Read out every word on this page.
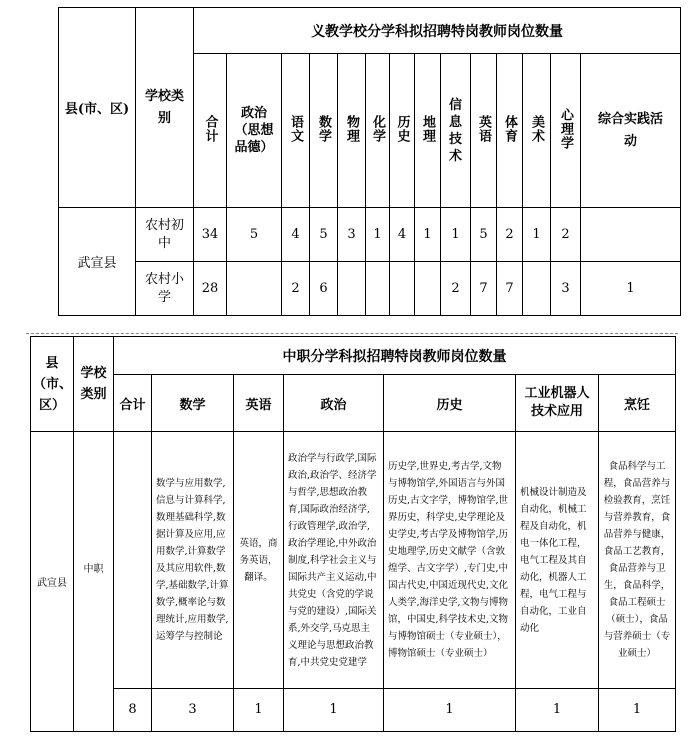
县(市、区)	学校类别	义教学校分学科拟招聘特岗教师岗位数量													
		合计	政治（思想品德）	语文	数学	物理	化学	历史	地理	信息技术	英语	体育	美术	心理学	综合实践活动
武宣县	农村初中	34	5	4	5	3	1	4	1	1	5	2	1	2	
	农村小学	28		2	6					2	7	7		3	1
县（市、区）	学校类别	中职分学科拟招聘特岗教师岗位数量						
		合计	数学	英语	政治	历史	工业机器人技术应用	烹饪
武宣县	中职		数学与应用数学,信息与计算科学,数理基础科学,数据计算及应用,应用数学,计算数学及其应用软件,数学,基础数学,计算数学,概率论与数理统计,应用数学,运筹学与控制论	英语，商务英语，翻译。	政治学与行政学,国际政治,政治学、经济学与哲学,思想政治教育,国际政治经济学,行政管理学,政治学,政治学理论,中外政治制度,科学社会主义与国际共产主义运动,中共党史（含党的学说与党的建设）,国际关系,外交学,马克思主义理论与思想政治教育,中共党史党建学	历史学,世界史,考古学,文物与博物馆学,外国语言与外国历史,古文字学，博物馆学,世界历史，科学史,史学理论及史学史,考古学及博物馆学,历史地理学,历史文献学（含敦煌学、古文字学）,专门史,中国古代史,中国近现代史,文化人类学,海洋史学,文物与博物馆，中国史,科学技术史,文物与博物馆硕士（专业硕士），博物馆硕士（专业硕士）	机械设计制造及自动化，机械工程及自动化，机电一体化工程，电气工程及其自动化，机器人工程，电气工程与自动化，工业自动化	食品科学与工程，食品营养与检验教育，烹饪与营养教育，食品营养与健康，食品工艺教育，食品营养与卫生，食品科学，食品工程硕士（硕士），食品与营养硕士（专业硕士）

		8	3	1	1	1	1	1
